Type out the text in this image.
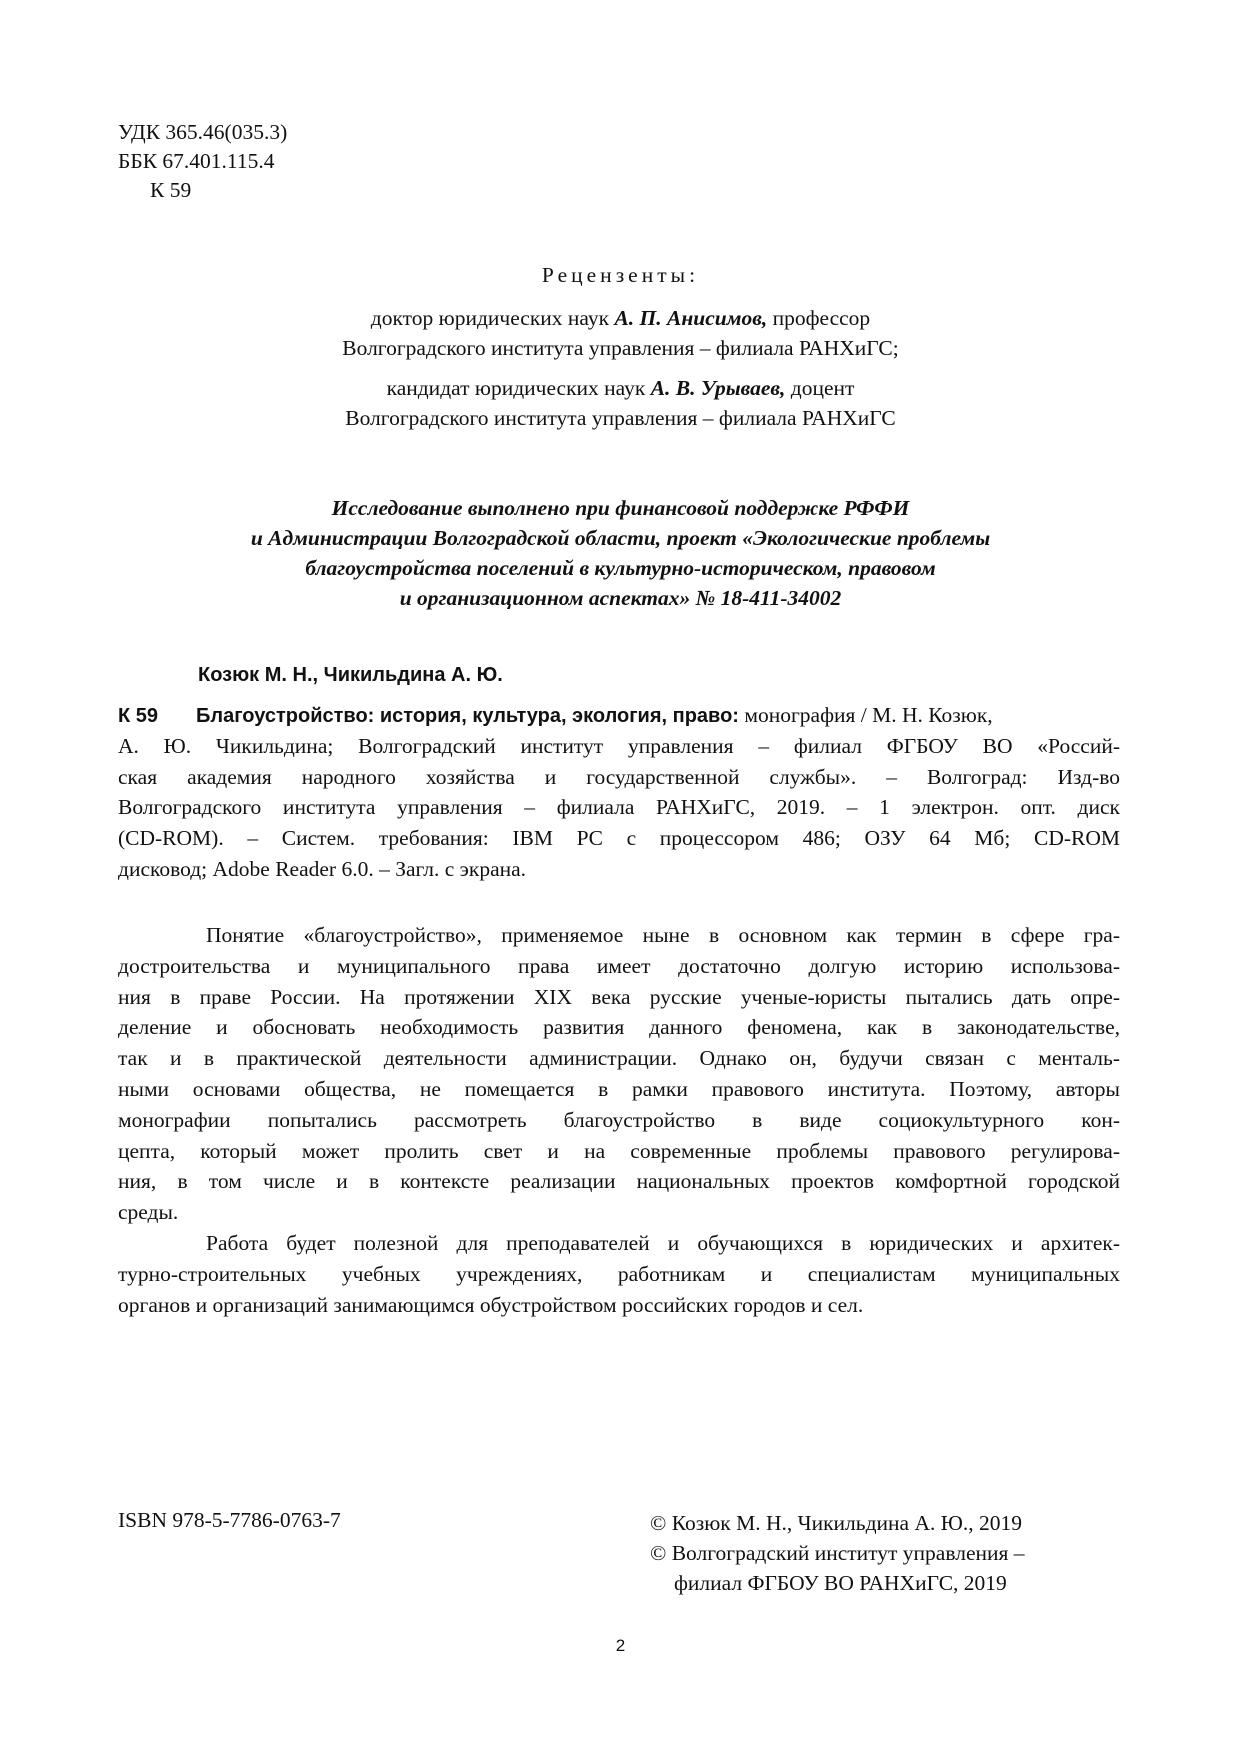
УДК 365.46(035.3)
ББК 67.401.115.4
К 59
Рецензенты:
доктор юридических наук А. П. Анисимов, профессор
Волгоградского института управления – филиала РАНХиГС;
кандидат юридических наук А. В. Урываев, доцент
Волгоградского института управления – филиала РАНХиГС
Исследование выполнено при финансовой поддержке РФФИ
и Администрации Волгоградской области, проект «Экологические проблемы
благоустройства поселений в культурно-историческом, правовом
и организационном аспектах» № 18-411-34002
Козюк М. Н., Чикильдина А. Ю.
К 59 Благоустройство: история, культура, экология, право: монография / М. Н. Козюк,
А. Ю. Чикильдина; Волгоградский институт управления – филиал ФГБОУ ВО «Россий-
ская академия народного хозяйства и государственной службы». – Волгоград: Изд-во
Волгоградского института управления – филиала РАНХиГС, 2019. – 1 электрон. опт. диск
(CD-ROM). – Систем. требования: IBM PC с процессором 486; ОЗУ 64 Мб; CD-ROM
дисковод; Adobe Reader 6.0. – Загл. с экрана.
Понятие «благоустройство», применяемое ныне в основном как термин в сфере гра-
достроительства и муниципального права имеет достаточно долгую историю использова-
ния в праве России. На протяжении XIX века русские ученые-юристы пытались дать опре-
деление и обосновать необходимость развития данного феномена, как в законодательстве,
так и в практической деятельности администрации. Однако он, будучи связан с менталь-
ными основами общества, не помещается в рамки правового института. Поэтому, авторы
монографии попытались рассмотреть благоустройство в виде социокультурного кон-
цепта, который может пролить свет и на современные проблемы правового регулирова-
ния, в том числе и в контексте реализации национальных проектов комфортной городской
среды.
Работа будет полезной для преподавателей и обучающихся в юридических и архитек-
турно-строительных учебных учреждениях, работникам и специалистам муниципальных
органов и организаций занимающимся обустройством российских городов и сел.
ISBN 978-5-7786-0763-7	© Козюк М. Н., Чикильдина А. Ю., 2019
© Волгоградский институт управления –
филиал ФГБОУ ВО РАНХиГС, 2019
2
